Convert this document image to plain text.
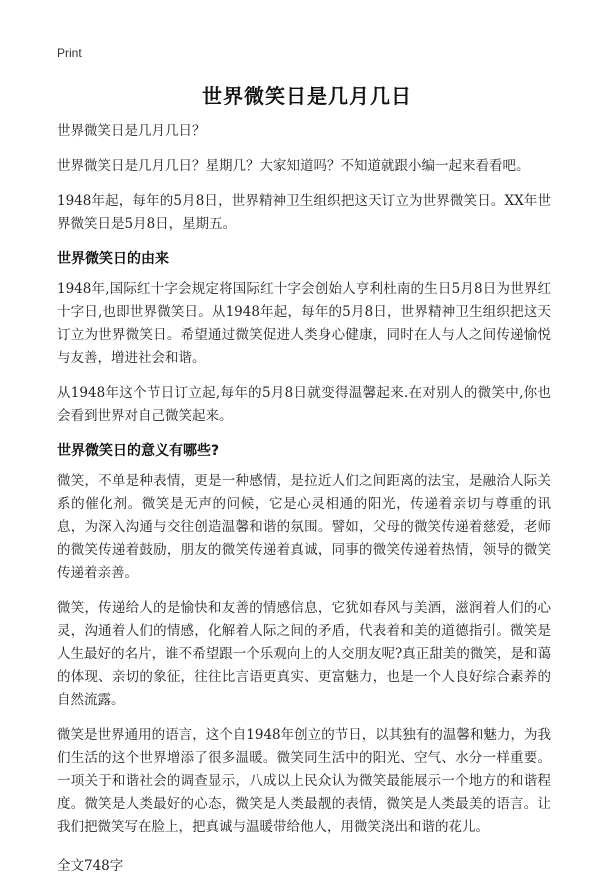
Print
世界微笑日是几月几日

世界微笑日是几月几日？

世界微笑日是几月几日？星期几？大家知道吗？不知道就跟小编一起来看看吧。

1948年起，每年的5月8日，世界精神卫生组织把这天订立为世界微笑日。XX年世界微笑日是5月8日，星期五。

世界微笑日的由来

1948年,国际红十字会规定将国际红十字会创始人亨利杜南的生日5月8日为世界红十字日,也即世界微笑日。从1948年起，每年的5月8日，世界精神卫生组织把这天订立为世界微笑日。希望通过微笑促进人类身心健康，同时在人与人之间传递愉悦与友善，增进社会和谐。

从1948年这个节日订立起,每年的5月8日就变得温馨起来.在对别人的微笑中,你也会看到世界对自己微笑起来。

世界微笑日的意义有哪些?

微笑，不单是种表情，更是一种感情，是拉近人们之间距离的法宝，是融洽人际关系的催化剂。微笑是无声的问候，它是心灵相通的阳光，传递着亲切与尊重的讯息，为深入沟通与交往创造温馨和谐的氛围。譬如，父母的微笑传递着慈爱，老师的微笑传递着鼓励，朋友的微笑传递着真诚，同事的微笑传递着热情，领导的微笑传递着亲善。

微笑，传递给人的是愉快和友善的情感信息，它犹如春风与美酒，滋润着人们的心灵，沟通着人们的情感，化解着人际之间的矛盾，代表着和美的道德指引。微笑是人生最好的名片，谁不希望跟一个乐观向上的人交朋友呢?真正甜美的微笑，是和蔼的体现、亲切的象征，往往比言语更真实、更富魅力，也是一个人良好综合素养的自然流露。

微笑是世界通用的语言，这个自1948年创立的节日，以其独有的温馨和魅力，为我们生活的这个世界增添了很多温暖。微笑同生活中的阳光、空气、水分一样重要。一项关于和谐社会的调查显示，八成以上民众认为微笑最能展示一个地方的和谐程度。微笑是人类最好的心态，微笑是人类最靓的表情，微笑是人类最美的语言。让我们把微笑写在脸上，把真诚与温暖带给他人，用微笑浇出和谐的花儿。

全文748字
